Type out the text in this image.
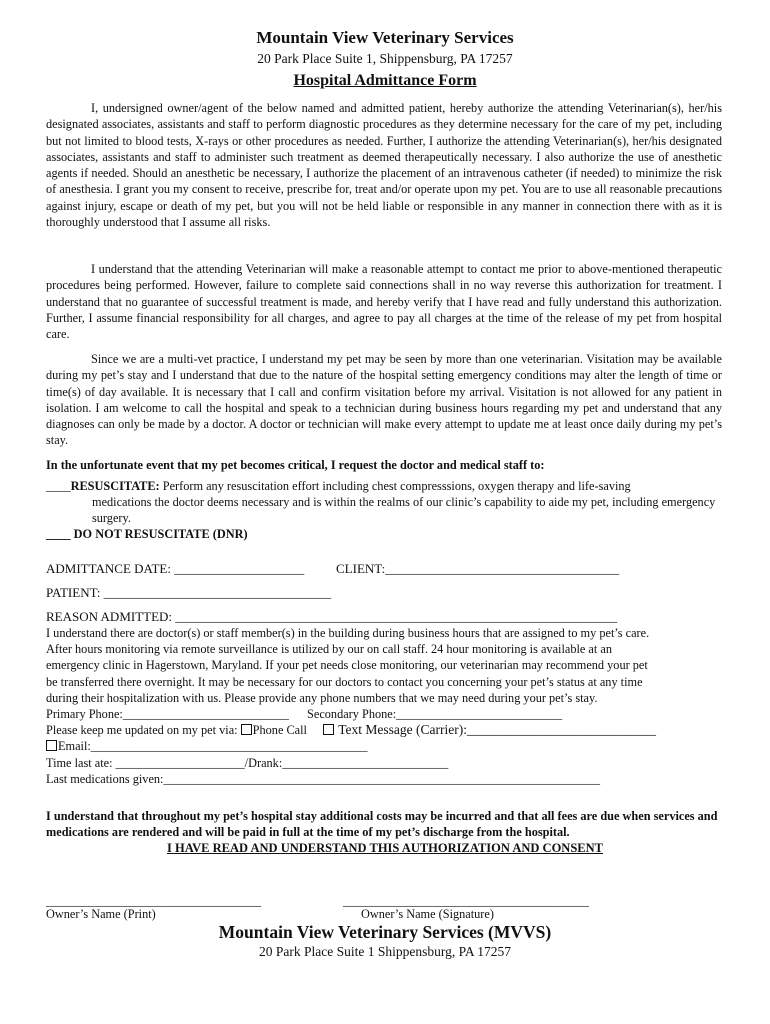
Mountain View Veterinary Services
20 Park Place Suite 1, Shippensburg, PA 17257
Hospital Admittance Form

I, undersigned owner/agent of the below named and admitted patient, hereby authorize the attending Veterinarian(s), her/his designated associates, assistants and staff to perform diagnostic procedures as they determine necessary for the care of my pet, including but not limited to blood tests, X-rays or other procedures as needed. Further, I authorize the attending Veterinarian(s), her/his designated associates, assistants and staff to administer such treatment as deemed therapeutically necessary. I also authorize the use of anesthetic agents if needed. Should an anesthetic be necessary, I authorize the placement of an intravenous catheter (if needed) to minimize the risk of anesthesia. I grant you my consent to receive, prescribe for, treat and/or operate upon my pet. You are to use all reasonable precautions against injury, escape or death of my pet, but you will not be held liable or responsible in any manner in connection there with as it is thoroughly understood that I assume all risks.

I understand that the attending Veterinarian will make a reasonable attempt to contact me prior to above-mentioned therapeutic procedures being performed. However, failure to complete said connections shall in no way reverse this authorization for treatment. I understand that no guarantee of successful treatment is made, and hereby verify that I have read and fully understand this authorization. Further, I assume financial responsibility for all charges, and agree to pay all charges at the time of the release of my pet from hospital care.

Since we are a multi-vet practice, I understand my pet may be seen by more than one veterinarian. Visitation may be available during my pet’s stay and I understand that due to the nature of the hospital setting emergency conditions may alter the length of time or time(s) of day available. It is necessary that I call and confirm visitation before my arrival. Visitation is not allowed for any patient in isolation. I am welcome to call the hospital and speak to a technician during business hours regarding my pet and understand that any diagnoses can only be made by a doctor. A doctor or technician will make every attempt to update me at least once daily during my pet’s stay.

In the unfortunate event that my pet becomes critical, I request the doctor and medical staff to:
____RESUSCITATE: Perform any resuscitation effort including chest compresssions, oxygen therapy and life-saving
medications the doctor deems necessary and is within the realms of our clinic’s capability to aide my pet, including emergency surgery.
____ DO NOT RESUSCITATE (DNR)
ADMITTANCE DATE: ____________________ CLIENT:____________________________________
PATIENT: ___________________________________
REASON ADMITTED: ____________________________________________________________________
I understand there are doctor(s) or staff member(s) in the building during business hours that are assigned to my pet’s care.
After hours monitoring via remote surveillance is utilized by our on call staff. 24 hour monitoring is available at an
emergency clinic in Hagerstown, Maryland. If your pet needs close monitoring, our veterinarian may recommend your pet
be transferred there overnight. It may be necessary for our doctors to contact you concerning your pet’s status at any time
during their hospitalization with us. Please provide any phone numbers that we may need during your pet’s stay.
Primary Phone:___________________________ Secondary Phone:___________________________
Please keep me updated on my pet via: Phone Call Text Message (Carrier):____________________________
Email:_____________________________________________
Time last ate: _____________________/Drank:___________________________
Last medications given:_______________________________________________________________________
I understand that throughout my pet’s hospital stay additional costs may be incurred and that all fees are due when services and medications are rendered and will be paid in full at the time of my pet’s discharge from the hospital.
I HAVE READ AND UNDERSTAND THIS AUTHORIZATION AND CONSENT
___________________________________	________________________________________
Owner’s Name (Print)	Owner’s Name (Signature)
Mountain View Veterinary Services (MVVS)
20 Park Place Suite 1 Shippensburg, PA 17257
